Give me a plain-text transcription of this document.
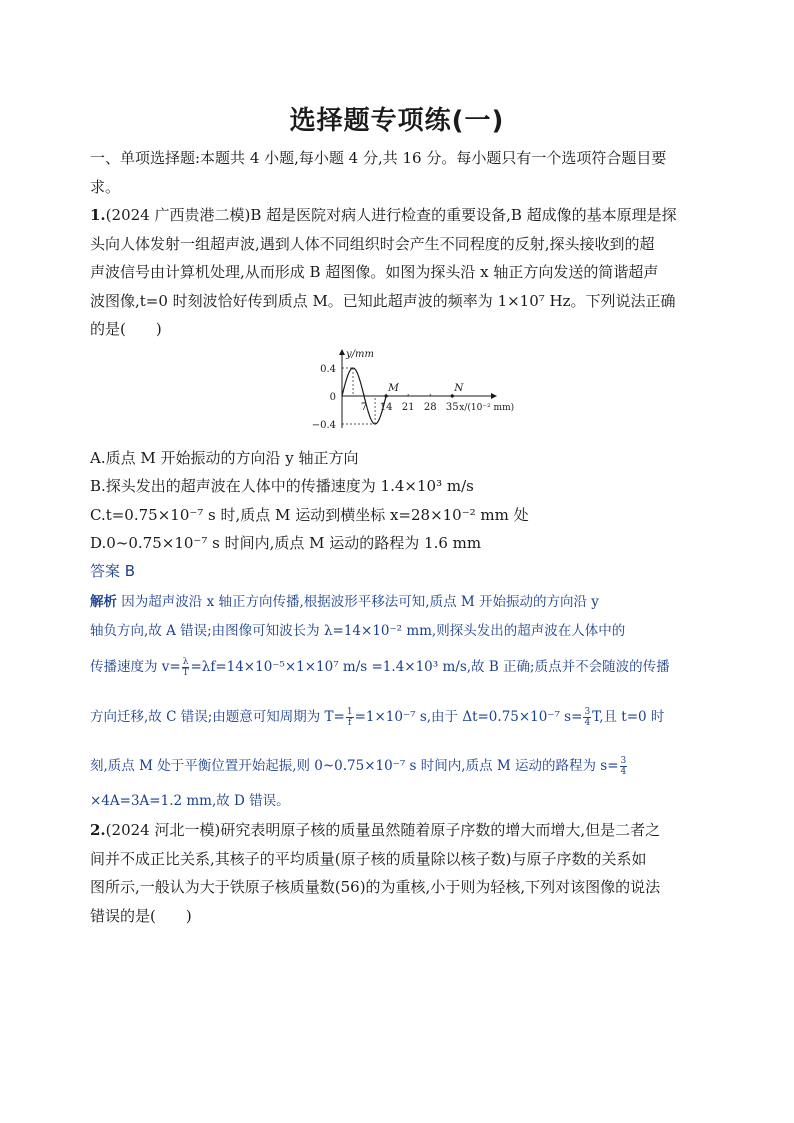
选择题专项练(一)
一、单项选择题:本题共 4 小题,每小题 4 分,共 16 分。每小题只有一个选项符合题目要
求。
1.(2024 广西贵港二模)B 超是医院对病人进行检查的重要设备,B 超成像的基本原理是探
头向人体发射一组超声波,遇到人体不同组织时会产生不同程度的反射,探头接收到的超
声波信号由计算机处理,从而形成 B 超图像。如图为探头沿 x 轴正方向发送的简谐超声
波图像,t=0 时刻波恰好传到质点 M。已知此超声波的频率为 1×10⁷ Hz。下列说法正确
的是(　　)
y/mm
x/(10⁻² mm)
0.4
0
−0.4
7 14 21 28 35
M	N
A.质点 M 开始振动的方向沿 y 轴正方向
B.探头发出的超声波在人体中的传播速度为 1.4×10³ m/s
C.t=0.75×10⁻⁷ s 时,质点 M 运动到横坐标 x=28×10⁻² mm 处
D.0~0.75×10⁻⁷ s 时间内,质点 M 运动的路程为 1.6 mm
答案 B
解析 因为超声波沿 x 轴正方向传播,根据波形平移法可知,质点 M 开始振动的方向沿 y
轴负方向,故 A 错误;由图像可知波长为 λ=14×10⁻² mm,则探头发出的超声波在人体中的
传播速度为 $v= \frac{\lambda}{T} =\lambda f=14\times 10^{-5}\times 1\times 10^7$ m/s =1.4×10³ m/s,故 B 正确;质点并不会随波的传播
方向迁移,故 C 错误;由题意可知周期为 $T= \frac{1}{f} =1\times 10^{-7}$ s,由于 Δt=0.75×10⁻⁷ $s= \frac{3}{4} T$,且 t=0 时
刻,质点 M 处于平衡位置开始起振,则 0~0.75×10⁻⁷ s 时间内,质点 M 运动的路程为 $s= \frac{3}{4}$
×4A=3A=1.2 mm,故 D 错误。
2.(2024 河北一模)研究表明原子核的质量虽然随着原子序数的增大而增大,但是二者之
间并不成正比关系,其核子的平均质量(原子核的质量除以核子数)与原子序数的关系如
图所示,一般认为大于铁原子核质量数(56)的为重核,小于则为轻核,下列对该图像的说法
错误的是(　　)
